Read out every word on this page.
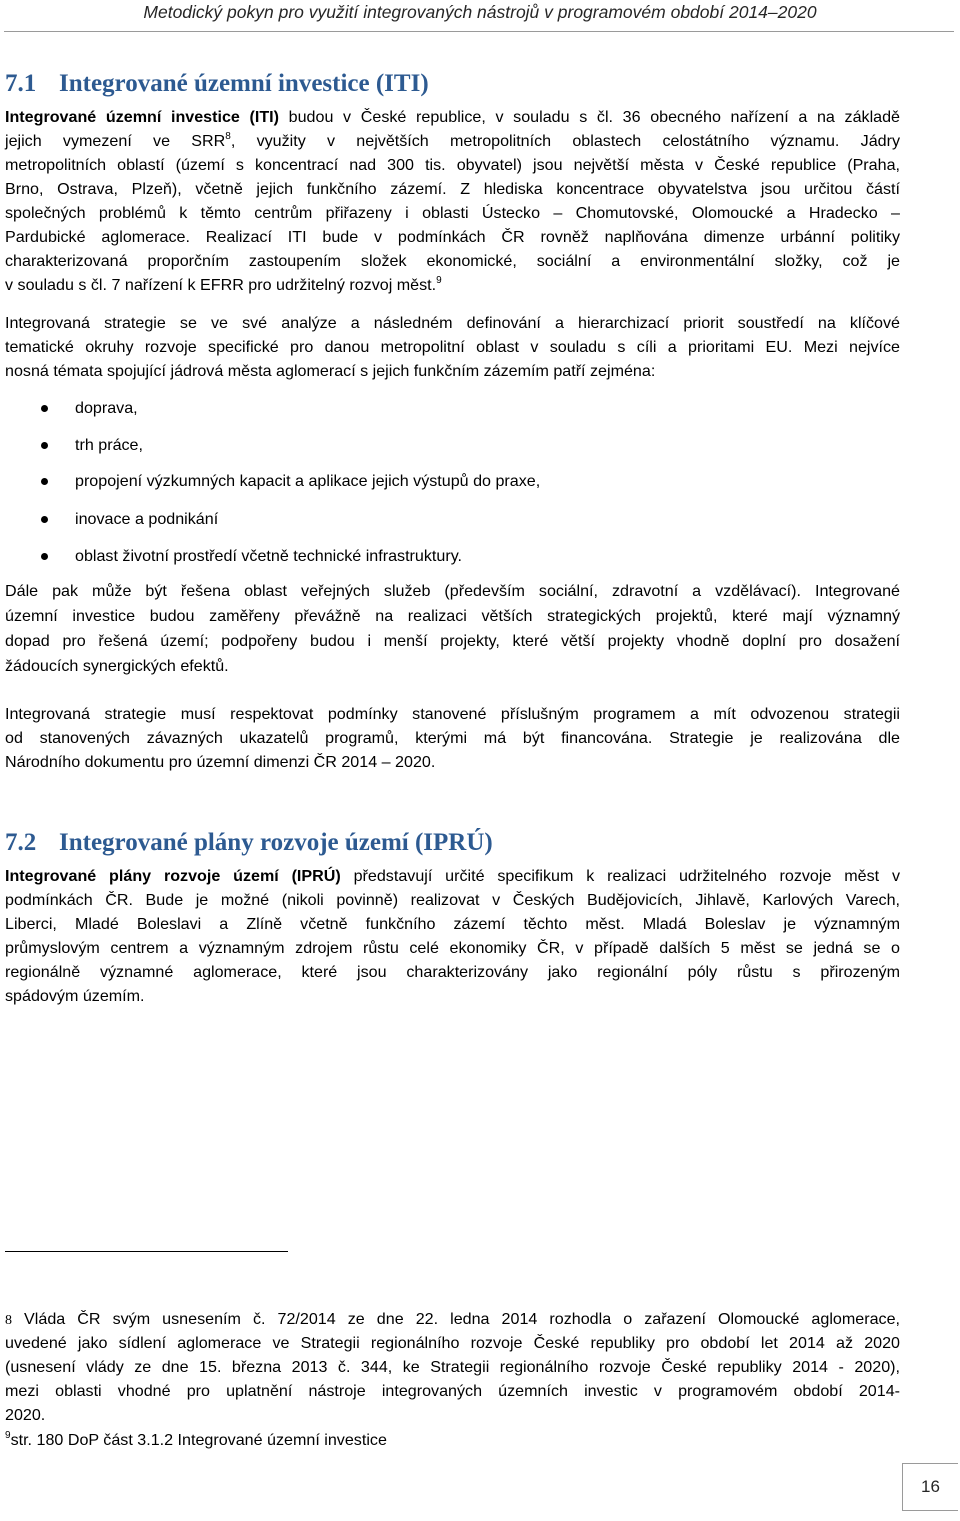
Metodický pokyn pro využití integrovaných nástrojů v programovém období 2014–2020
7.1 Integrované územní investice (ITI)
Integrované územní investice (ITI) budou v České republice, v souladu s čl. 36 obecného nařízení a na základě
jejich vymezení ve SRR$^8$, využity v největších metropolitních oblastech celostátního významu. Jádry
metropolitních oblastí (území s koncentrací nad 300 tis. obyvatel) jsou největší města v České republice (Praha,
Brno, Ostrava, Plzeň), včetně jejich funkčního zázemí. Z hlediska koncentrace obyvatelstva jsou určitou částí
společných problémů k těmto centrům přiřazeny i oblasti Ústecko – Chomutovské, Olomoucké a Hradecko –
Pardubické aglomerace. Realizací ITI bude v podmínkách ČR rovněž naplňována dimenze urbánní politiky
charakterizovaná proporčním zastoupením složek ekonomické, sociální a environmentální složky, což je
v souladu s čl. 7 nařízení k EFRR pro udržitelný rozvoj měst.$^9$
Integrovaná strategie se ve své analýze a následném definování a hierarchizací priorit soustředí na klíčové
tematické okruhy rozvoje specifické pro danou metropolitní oblast v souladu s cíli a prioritami EU. Mezi nejvíce
nosná témata spojující jádrová města aglomerací s jejich funkčním zázemím patří zejména:
doprava,
trh práce,
propojení výzkumných kapacit a aplikace jejich výstupů do praxe,
inovace a podnikání
oblast životní prostředí včetně technické infrastruktury.
Dále pak může být řešena oblast veřejných služeb (především sociální, zdravotní a vzdělávací). Integrované
územní investice budou zaměřeny převážně na realizaci větších strategických projektů, které mají významný
dopad pro řešená území; podpořeny budou i menší projekty, které větší projekty vhodně doplní pro dosažení
žádoucích synergických efektů.
Integrovaná strategie musí respektovat podmínky stanovené příslušným programem a mít odvozenou strategii
od stanovených závazných ukazatelů programů, kterými má být financována. Strategie je realizována dle
Národního dokumentu pro územní dimenzi ČR 2014 – 2020.
7.2 Integrované plány rozvoje území (IPRÚ)
Integrované plány rozvoje území (IPRÚ) představují určité specifikum k realizaci udržitelného rozvoje měst v
podmínkách ČR. Bude je možné (nikoli povinně) realizovat v Českých Budějovicích, Jihlavě, Karlových Varech,
Liberci, Mladé Boleslavi a Zlíně včetně funkčního zázemí těchto měst. Mladá Boleslav je významným
průmyslovým centrem a významným zdrojem růstu celé ekonomiky ČR, v případě dalších 5 měst se jedná se o
regionálně významné aglomerace, které jsou charakterizovány jako regionální póly růstu s přirozeným
spádovým územím.
8 Vláda ČR svým usnesením č. 72/2014 ze dne 22. ledna 2014 rozhodla o zařazení Olomoucké aglomerace,
uvedené jako sídlení aglomerace ve Strategii regionálního rozvoje České republiky pro období let 2014 až 2020
(usnesení vlády ze dne 15. března 2013 č. 344, ke Strategii regionálního rozvoje České republiky 2014 - 2020),
mezi oblasti vhodné pro uplatnění nástroje integrovaných územních investic v programovém období 2014-
2020.
$^9$str. 180 DoP část 3.1.2 Integrované územní investice
16
